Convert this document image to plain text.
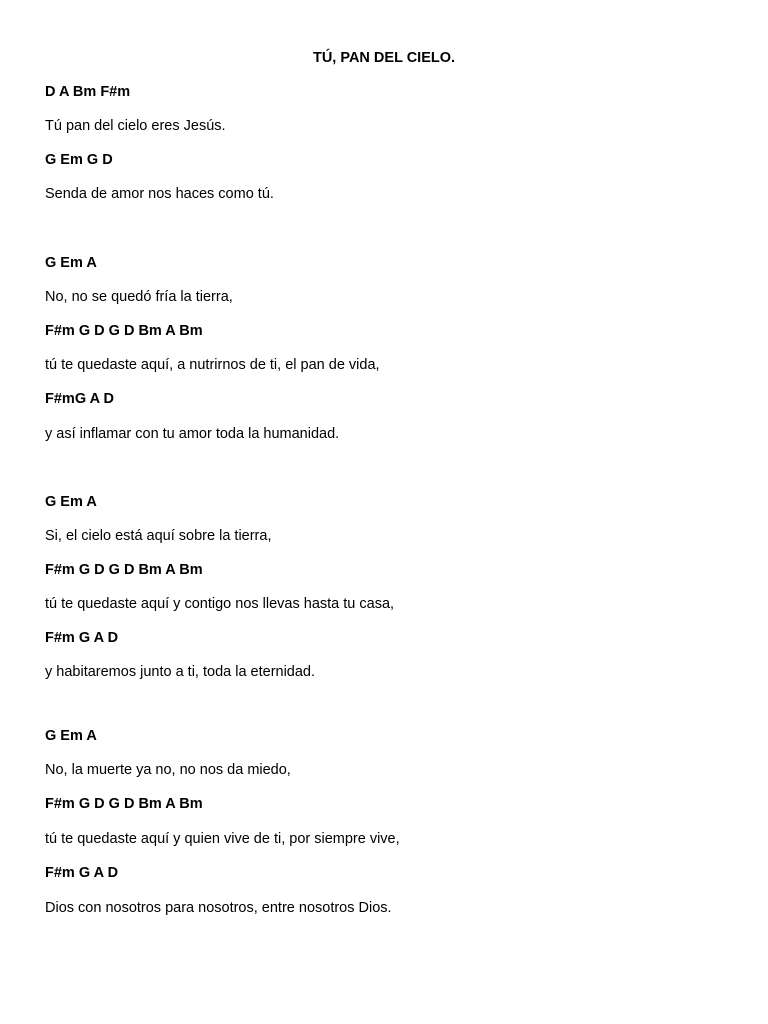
TÚ, PAN DEL CIELO.
D A Bm F#m
Tú pan del cielo eres Jesús.
G Em G D
Senda de amor nos haces como tú.
G Em A
No, no se quedó fría la tierra,
F#m G D G D Bm A Bm
tú te quedaste aquí, a nutrirnos de ti, el pan de vida,
F#mG A D
y así inflamar con tu amor toda la humanidad.
G Em A
Si, el cielo está aquí sobre la tierra,
F#m G D G D Bm A Bm
tú te quedaste aquí y contigo nos llevas hasta tu casa,
F#m G A D
y habitaremos junto a ti, toda la eternidad.
G Em A
No, la muerte ya no, no nos da miedo,
F#m G D G D Bm A Bm
tú te quedaste aquí y quien vive de ti, por siempre vive,
F#m G A D
Dios con nosotros para nosotros, entre nosotros Dios.
